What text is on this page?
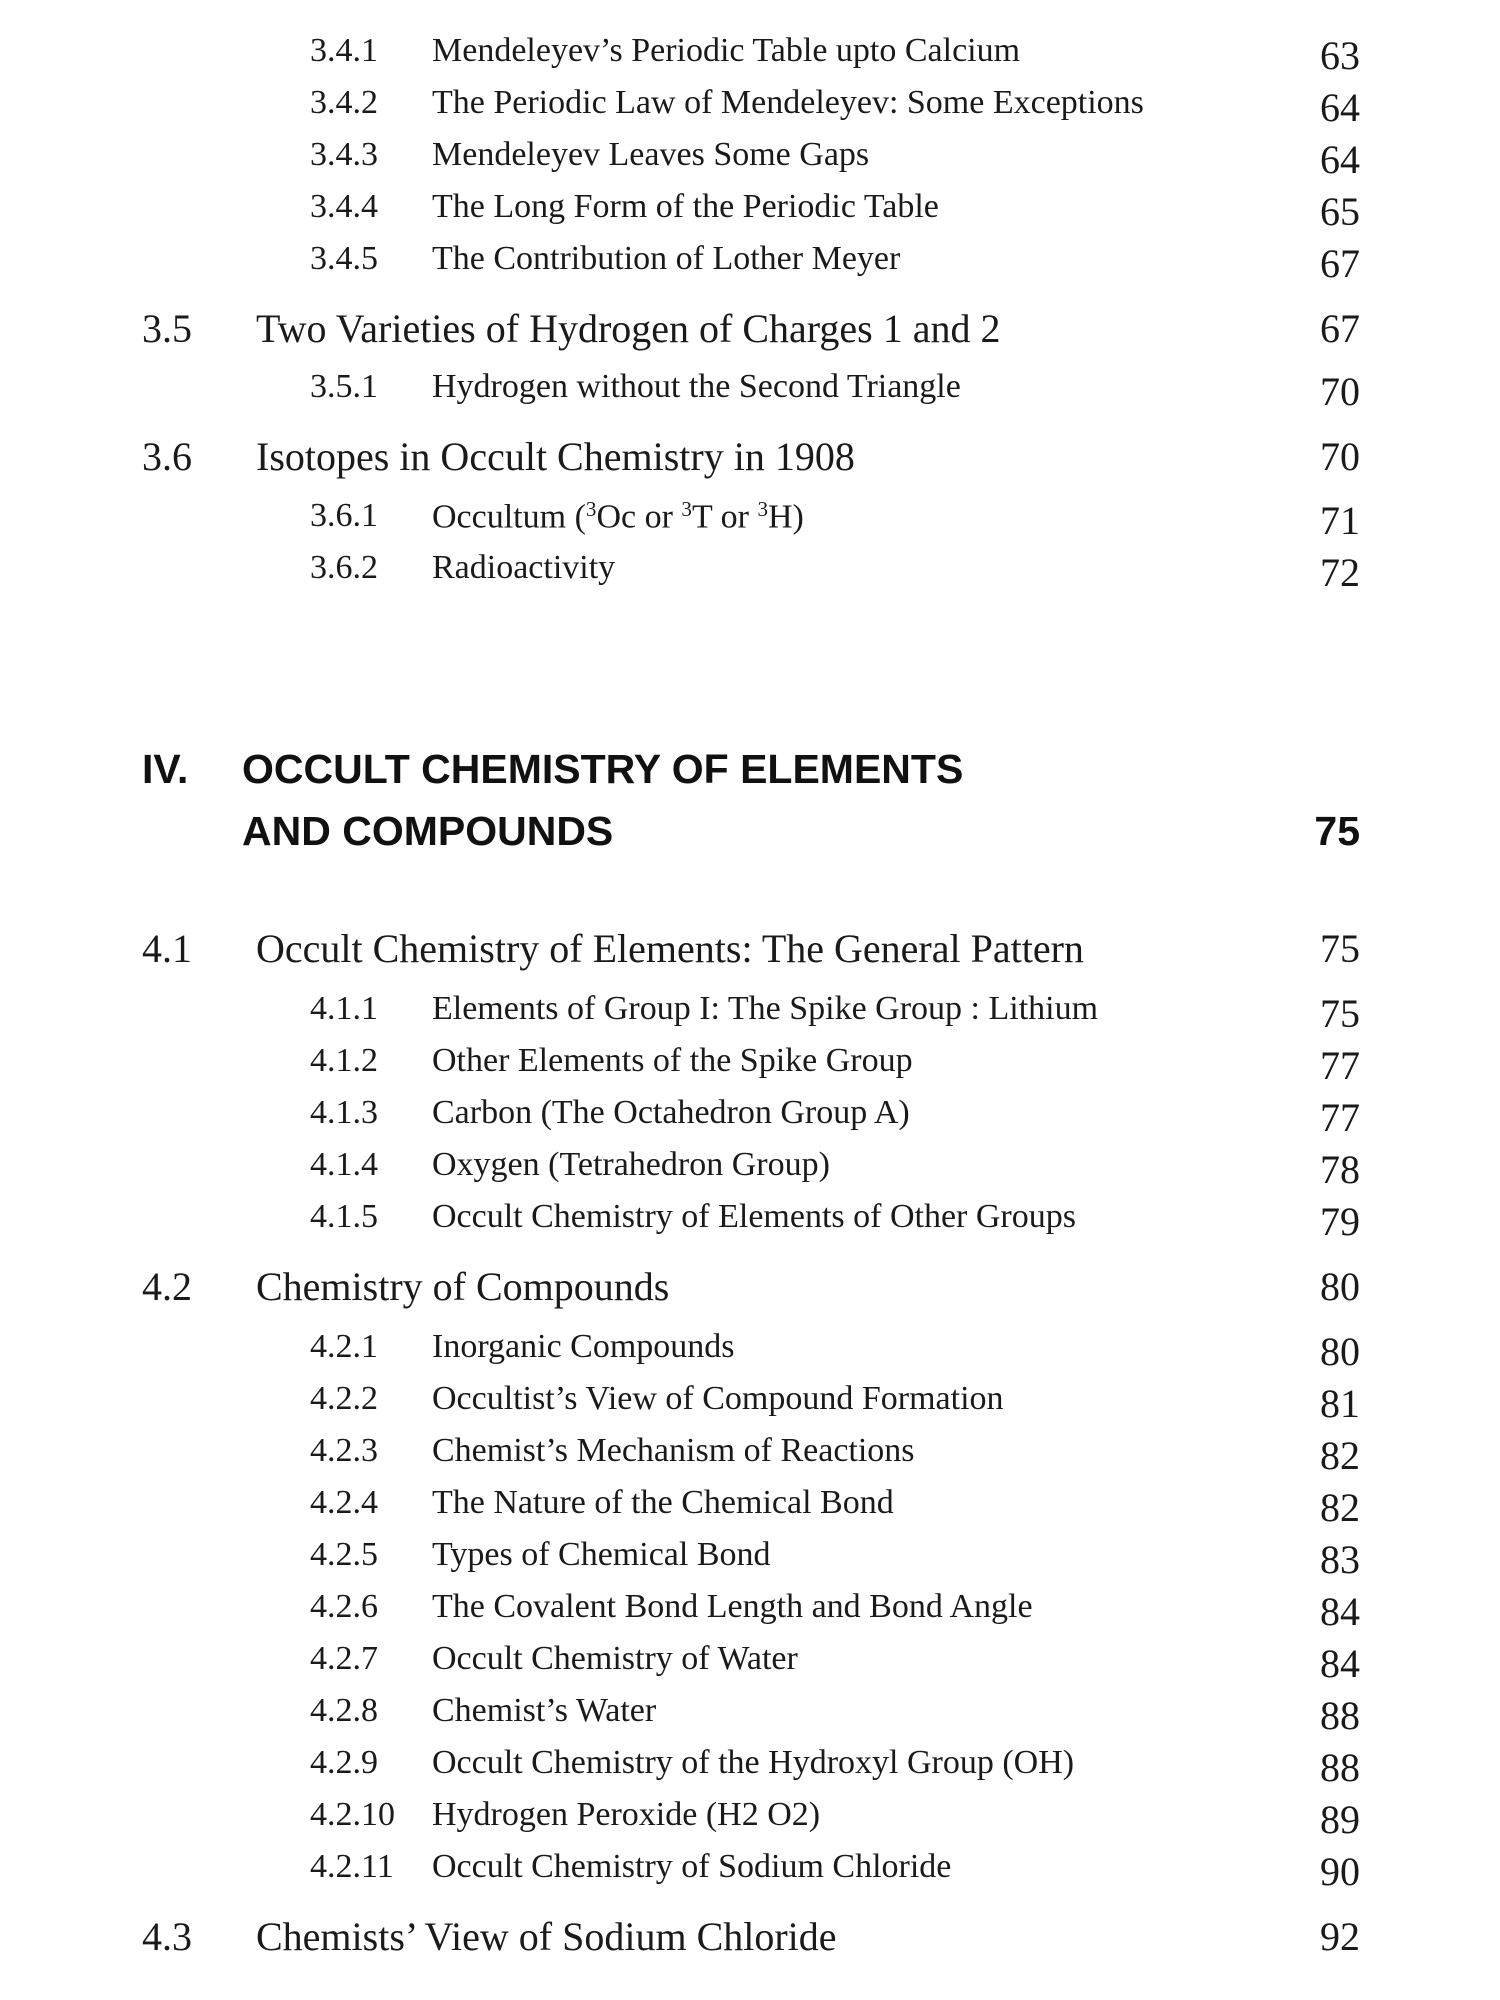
3.4.1 Mendeleyev’s Periodic Table upto Calcium	63
3.4.2 The Periodic Law of Mendeleyev: Some Exceptions	64
3.4.3 Mendeleyev Leaves Some Gaps	64
3.4.4 The Long Form of the Periodic Table	65
3.4.5 The Contribution of Lother Meyer	67
3.5 Two Varieties of Hydrogen of Charges 1 and 2	67
3.5.1 Hydrogen without the Second Triangle	70
3.6 Isotopes in Occult Chemistry in 1908	70
3.6.1 Occultum ($^3$Oc or $^3$T or $^3$H)	71
3.6.2 Radioactivity	72
IV. OCCULT CHEMISTRY OF ELEMENTS
AND COMPOUNDS	75
4.1 Occult Chemistry of Elements: The General Pattern	75
4.1.1 Elements of Group I: The Spike Group : Lithium	75
4.1.2 Other Elements of the Spike Group	77
4.1.3 Carbon (The Octahedron Group A)	77
4.1.4 Oxygen (Tetrahedron Group)	78
4.1.5 Occult Chemistry of Elements of Other Groups	79
4.2 Chemistry of Compounds	80
4.2.1 Inorganic Compounds	80
4.2.2 Occultist’s View of Compound Formation	81
4.2.3 Chemist’s Mechanism of Reactions	82
4.2.4 The Nature of the Chemical Bond	82
4.2.5 Types of Chemical Bond	83
4.2.6 The Covalent Bond Length and Bond Angle	84
4.2.7 Occult Chemistry of Water	84
4.2.8 Chemist’s Water	88
4.2.9 Occult Chemistry of the Hydroxyl Group (OH)	88
4.2.10 Hydrogen Peroxide (H2 O2)	89
4.2.11 Occult Chemistry of Sodium Chloride	90
4.3 Chemists’ View of Sodium Chloride	92
